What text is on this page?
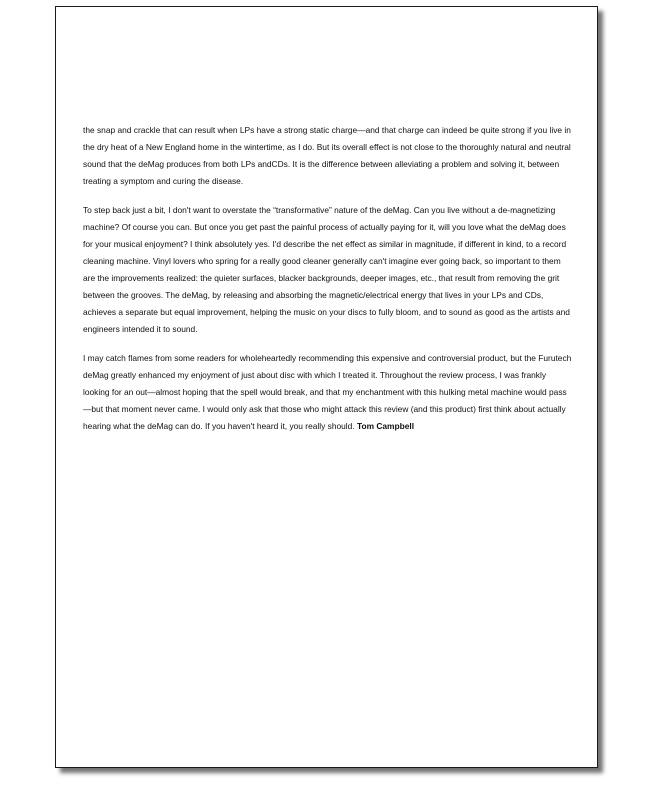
the snap and crackle that can result when LPs have a strong static charge—and that charge can indeed be quite strong if you live in the dry heat of a New England home in the wintertime, as I do. But its overall effect is not close to the thoroughly natural and neutral sound that the deMag produces from both LPs andCDs. It is the difference between alleviating a problem and solving it, between treating a symptom and curing the disease.

To step back just a bit, I don't want to overstate the “transformative” nature of the deMag. Can you live without a de-magnetizing machine? Of course you can. But once you get past the painful process of actually paying for it, will you love what the deMag does for your musical enjoyment? I think absolutely yes. I'd describe the net effect as similar in magnitude, if different in kind, to a record cleaning machine. Vinyl lovers who spring for a really good cleaner generally can't imagine ever going back, so important to them are the improvements realized: the quieter surfaces, blacker backgrounds, deeper images, etc., that result from removing the grit between the grooves. The deMag, by releasing and absorbing the magnetic/electrical energy that lives in your LPs and CDs, achieves a separate but equal improvement, helping the music on your discs to fully bloom, and to sound as good as the artists and engineers intended it to sound.

I may catch flames from some readers for wholeheartedly recommending this expensive and controversial product, but the Furutech deMag greatly enhanced my enjoyment of just about disc with which I treated it. Throughout the review process, I was frankly looking for an out—almost hoping that the spell would break, and that my enchantment with this hulking metal machine would pass—but that moment never came. I would only ask that those who might attack this review (and this product) first think about actually hearing what the deMag can do. If you haven't heard it, you really should. Tom Campbell
